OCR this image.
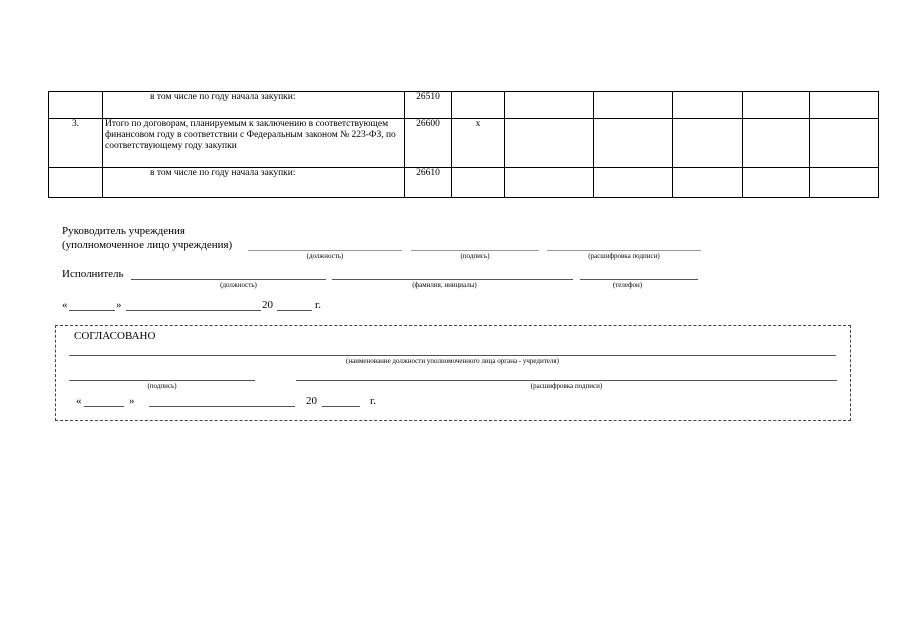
	в том числе по году начала закупки:	26510						
3.	Итого по договорам, планируемым к заключению в соответствующем финансовом году в соответствии с Федеральным законом № 223-ФЗ, по соответствующему году закупки	26600	x					

	в том числе по году начала закупки:	26610						
Руководитель учреждения
(уполномоченное лицо учреждения)
(должность)	(подпись)	(расшифровка подписи)
Исполнитель
(должность)	(фамилия, инициалы)	(телефон)
«	»	20	г.
СОГЛАСОВАНО
(наименование должности уполномоченного лица органа - учредителя)
(подпись)	(расшифровка подписи)
«	»	20	г.
